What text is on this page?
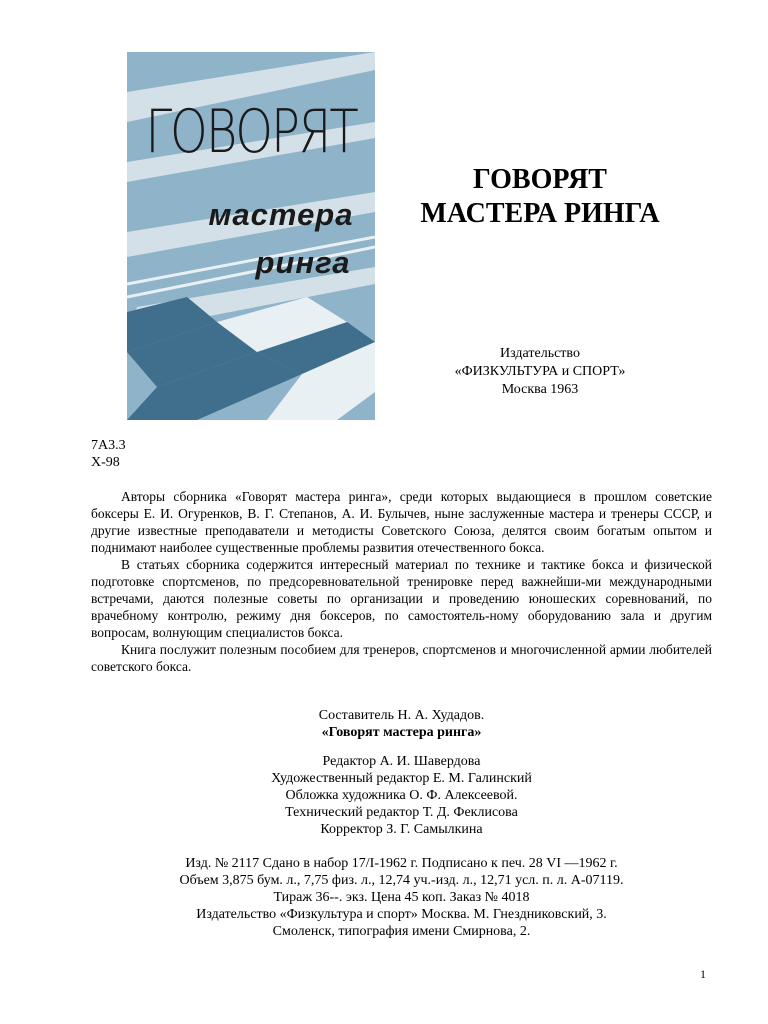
ГОВОРЯТ
мастера
ринга
ГОВОРЯТ
МАСТЕРА РИНГА
Издательство
«ФИЗКУЛЬТУРА и СПОРТ»
Москва 1963
7А3.3
Х-98

Авторы сборника «Говорят мастера ринга», среди которых выдающиеся в прошлом советские боксеры Е. И. Огуренков, В. Г. Степанов, А. И. Булычев, ныне заслуженные мастера и тренеры СССР, и другие известные преподаватели и методисты Советского Союза, делятся своим богатым опытом и поднимают наиболее существенные проблемы развития отечественного бокса.

В статьях сборника содержится интересный материал по технике и тактике бокса и физической подготовке спортсменов, по предсоревновательной тренировке перед важнейши-ми международными встречами, даются полезные советы по организации и проведению юношеских соревнований, по врачебному контролю, режиму дня боксеров, по самостоятель-ному оборудованию зала и другим вопросам, волнующим специалистов бокса.

Книга послужит полезным пособием для тренеров, спортсменов и многочисленной армии любителей советского бокса.

Составитель Н. А. Худадов.
«Говорят мастера ринга»
Редактор А. И. Шавердова
Художественный редактор Е. М. Галинский
Обложка художника О. Ф. Алексеевой.
Технический редактор Т. Д. Феклисова
Корректор З. Г. Самылкина
Изд. № 2117 Сдано в набор 17/I-1962 г. Подписано к печ. 28 VI —1962 г.
Объем 3,875 бум. л., 7,75 физ. л., 12,74 уч.-изд. л., 12,71 усл. п. л. А-07119.
Тираж 36--. экз. Цена 45 коп. Заказ № 4018
Издательство «Физкультура и спорт» Москва. М. Гнездниковский, 3.
Смоленск, типография имени Смирнова, 2.
1
